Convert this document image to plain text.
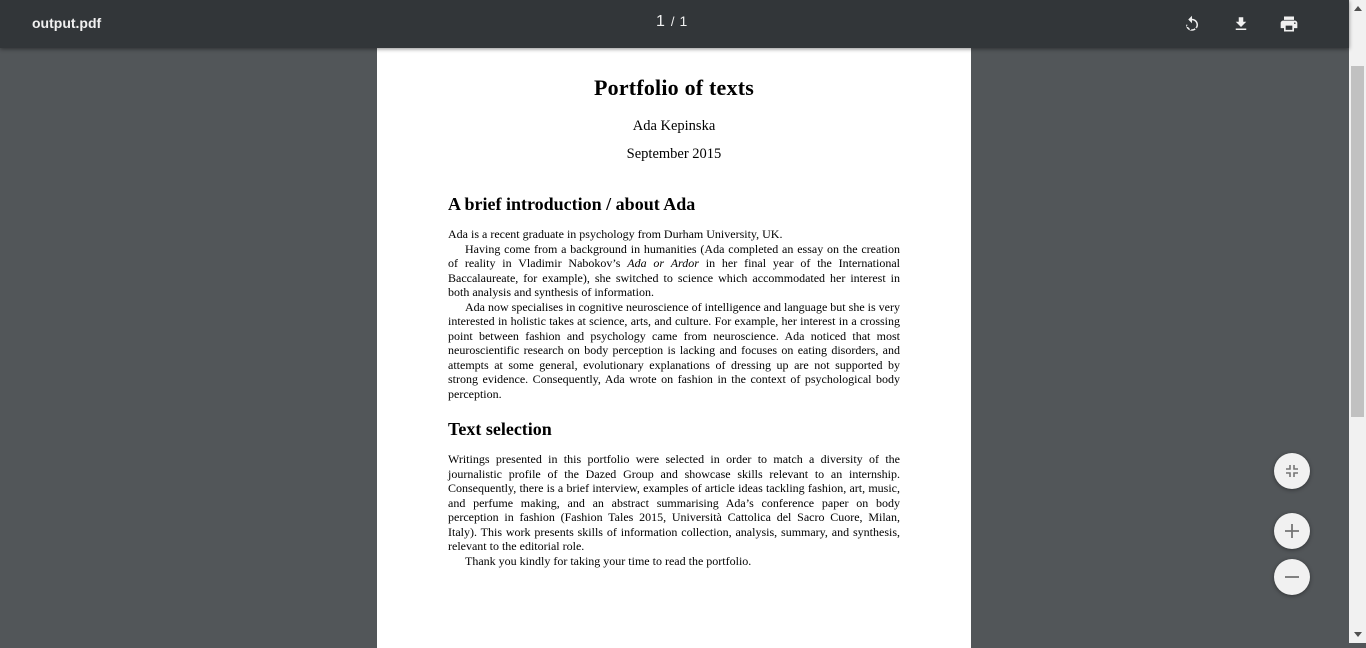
output.pdf	1 / 1
Portfolio of texts
Ada Kepinska
September 2015
A brief introduction / about Ada

Ada is a recent graduate in psychology from Durham University, UK.

Having come from a background in humanities (Ada completed an essay on the creation of reality in Vladimir Nabokov’s Ada or Ardor in her final year of the International Baccalaureate, for example), she switched to science which accommodated her interest in both analysis and synthesis of information.

Ada now specialises in cognitive neuroscience of intelligence and language but she is very interested in holistic takes at science, arts, and culture. For example, her interest in a crossing point between fashion and psychology came from neuroscience. Ada noticed that most neuroscientific research on body perception is lacking and focuses on eating disorders, and attempts at some general, evolutionary explanations of dressing up are not supported by strong evidence. Consequently, Ada wrote on fashion in the context of psychological body perception.

Text selection

Writings presented in this portfolio were selected in order to match a diversity of the journalistic profile of the Dazed Group and showcase skills relevant to an internship. Consequently, there is a brief interview, examples of article ideas tackling fashion, art, music, and perfume making, and an abstract summarising Ada’s conference paper on body perception in fashion (Fashion Tales 2015, Università Cattolica del Sacro Cuore, Milan, Italy). This work presents skills of information collection, analysis, summary, and synthesis, relevant to the editorial role.

Thank you kindly for taking your time to read the portfolio.
